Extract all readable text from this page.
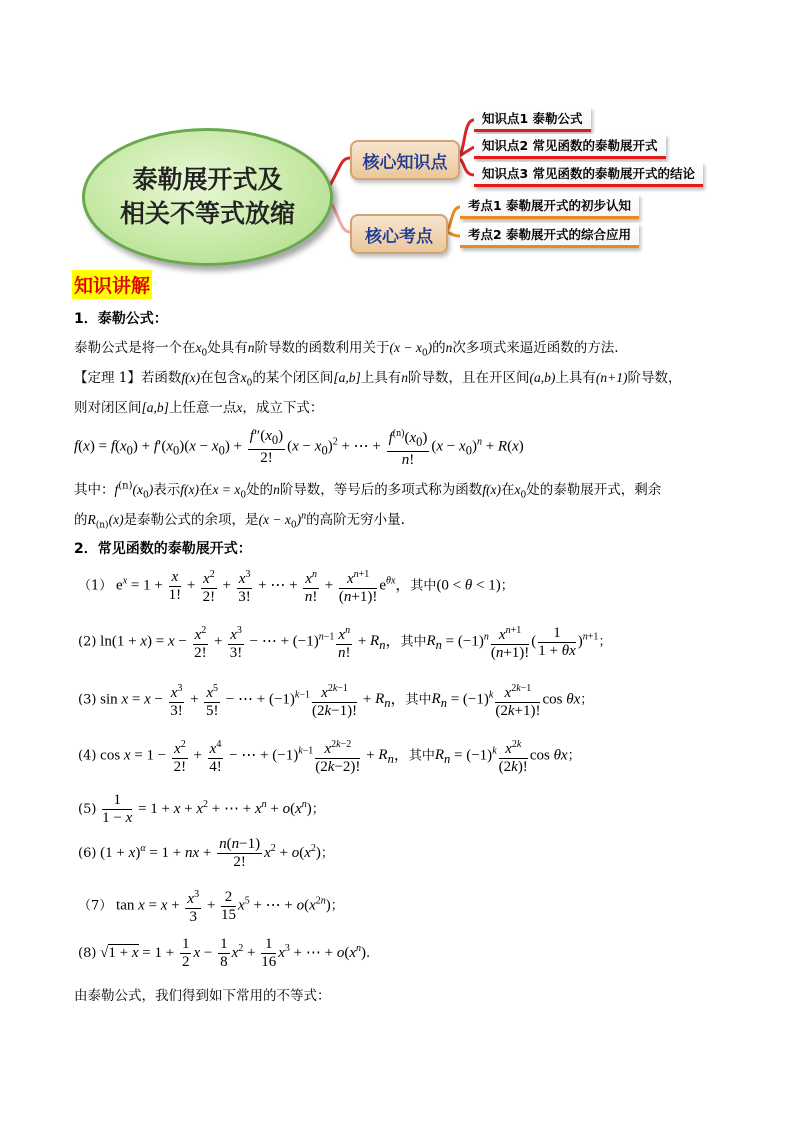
泰勒展开式及
相关不等式放缩
核心知识点
核心考点
知识点1 泰勒公式
知识点2 常见函数的泰勒展开式
知识点3 常见函数的泰勒展开式的结论
考点1 泰勒展开式的初步认知
考点2 泰勒展开式的综合应用
知识讲解
1．泰勒公式：
泰勒公式是将一个在$x_0$处具有n阶导数的函数利用关于$(x - x_0)$的n次多项式来逼近函数的方法.
【定理 1】若函数f(x)在包含$x_0$的某个闭区间[a,b]上具有n阶导数，且在开区间(a,b)上具有(n+1)阶导数，
则对闭区间[a,b]上任意一点x，成立下式：
$f(x) = f(x_0) + f'(x_0)(x - x_0) + \frac{f''(x_0)}{2!} (x - x_0)^2$ + ⋯ + $\frac{f^{(n)}(x_0)}{n!} (x - x_0)^n + R(x)$
其中：$f^{(n)}(x_0)$表示f(x)在$x = x_0$处的n阶导数，等号后的多项式称为函数f(x)在$x_0$处的泰勒展开式，剩余
的$R_{(n)}(x)$是泰勒公式的余项，是$(x - x_0)^n$的高阶无穷小量.
2．常见函数的泰勒展开式：
（1） $e^x = 1 + \frac{x}{1!} + \frac{x^2}{2!} + \frac{x^3}{3!}$ + ⋯ + $\frac{x^n}{n!} + \frac{x^{n+1}}{(n+1)!} e^{\theta x}$，其中(0 < θ < 1)；
(2) $\ln(1 + x) = x - \frac{x^2}{2!} + \frac{x^3}{3!}$ − ⋯ + $(-1)^{n-1} \frac{x^n}{n!} + R_n$，其中$R_n = (-1)^n \frac{x^{n+1}}{(n+1)!}$ ( $\frac{1}{1 + \theta x} )^{n+1}$；
(3) $\sin x = x - \frac{x^3}{3!} + \frac{x^5}{5!}$ − ⋯ + $(-1)^{k-1} \frac{x^{2k-1}}{(2k-1)!} + R_n$，其中$R_n = (-1)^k \frac{x^{2k-1}}{(2k+1)!}$ cos θx；
(4) $\cos x = 1 - \frac{x^2}{2!} + \frac{x^4}{4!}$ − ⋯ + $(-1)^{k-1} \frac{x^{2k-2}}{(2k-2)!} + R_n$，其中$R_n = (-1)^k \frac{x^{2k}}{(2k)!}$ cos θx；
$(5) \frac{1}{1 - x} = 1 + x + x^2$ + ⋯ + $x^n + o(x^n)$；
(6) $(1 + x)^\alpha = 1$ + nx + $\frac{n(n-1)}{2!} x^2 + o(x^2)$；
（7） $\tan x = x + \frac{x^3}{3} + \frac{2}{15} x^5$ + ⋯ + $o(x^{2n})$；
(8) $√1 + x = 1 + \frac{1}{2}$ $x - \frac{1}{8} x^2 + \frac{1}{16} x^3$ + ⋯ + $o(x^n)$.
由泰勒公式，我们得到如下常用的不等式：
